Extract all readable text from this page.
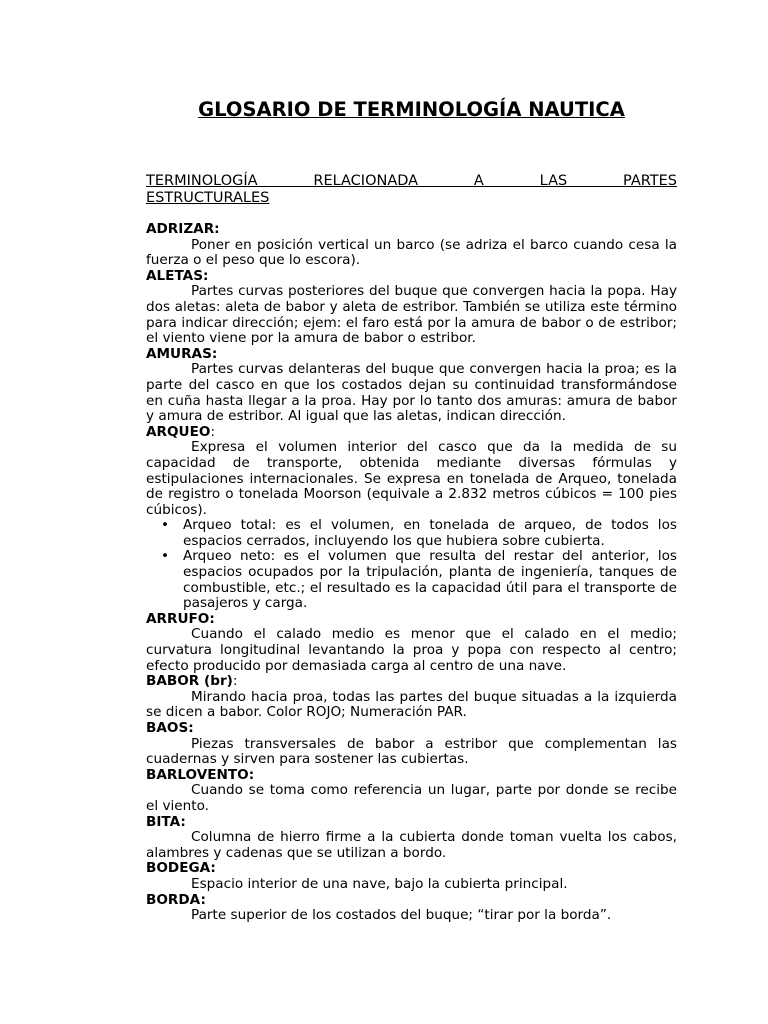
GLOSARIO DE TERMINOLOGÍA NAUTICA

TERMINOLOGÍA RELACIONADA A LAS PARTES
ESTRUCTURALES

ADRIZAR:
Poner en posición vertical un barco (se adriza el barco cuando cesa la fuerza o el peso que lo escora).
ALETAS:
Partes curvas posteriores del buque que convergen hacia la popa. Hay dos aletas: aleta de babor y aleta de estribor. También se utiliza este término para indicar dirección; ejem: el faro está por la amura de babor o de estribor; el viento viene por la amura de babor o estribor.
AMURAS:
Partes curvas delanteras del buque que convergen hacia la proa; es la parte del casco en que los costados dejan su continuidad transformándose en cuña hasta llegar a la proa. Hay por lo tanto dos amuras: amura de babor y amura de estribor. Al igual que las aletas, indican dirección.
ARQUEO:
Expresa el volumen interior del casco que da la medida de su capacidad de transporte, obtenida mediante diversas fórmulas y estipulaciones internacionales. Se expresa en tonelada de Arqueo, tonelada de registro o tonelada Moorson (equivale a 2.832 metros cúbicos = 100 pies cúbicos).
• Arqueo total: es el volumen, en tonelada de arqueo, de todos los espacios cerrados, incluyendo los que hubiera sobre cubierta.
• Arqueo neto: es el volumen que resulta del restar del anterior, los espacios ocupados por la tripulación, planta de ingeniería, tanques de combustible, etc.; el resultado es la capacidad útil para el transporte de pasajeros y carga.
ARRUFO:
Cuando el calado medio es menor que el calado en el medio; curvatura longitudinal levantando la proa y popa con respecto al centro; efecto producido por demasiada carga al centro de una nave.
BABOR (br):
Mirando hacia proa, todas las partes del buque situadas a la izquierda se dicen a babor. Color ROJO; Numeración PAR.
BAOS:
Piezas transversales de babor a estribor que complementan las cuadernas y sirven para sostener las cubiertas.
BARLOVENTO:
Cuando se toma como referencia un lugar, parte por donde se recibe el viento.
BITA:
Columna de hierro firme a la cubierta donde toman vuelta los cabos, alambres y cadenas que se utilizan a bordo.
BODEGA:
Espacio interior de una nave, bajo la cubierta principal.
BORDA:
Parte superior de los costados del buque; “tirar por la borda”.
